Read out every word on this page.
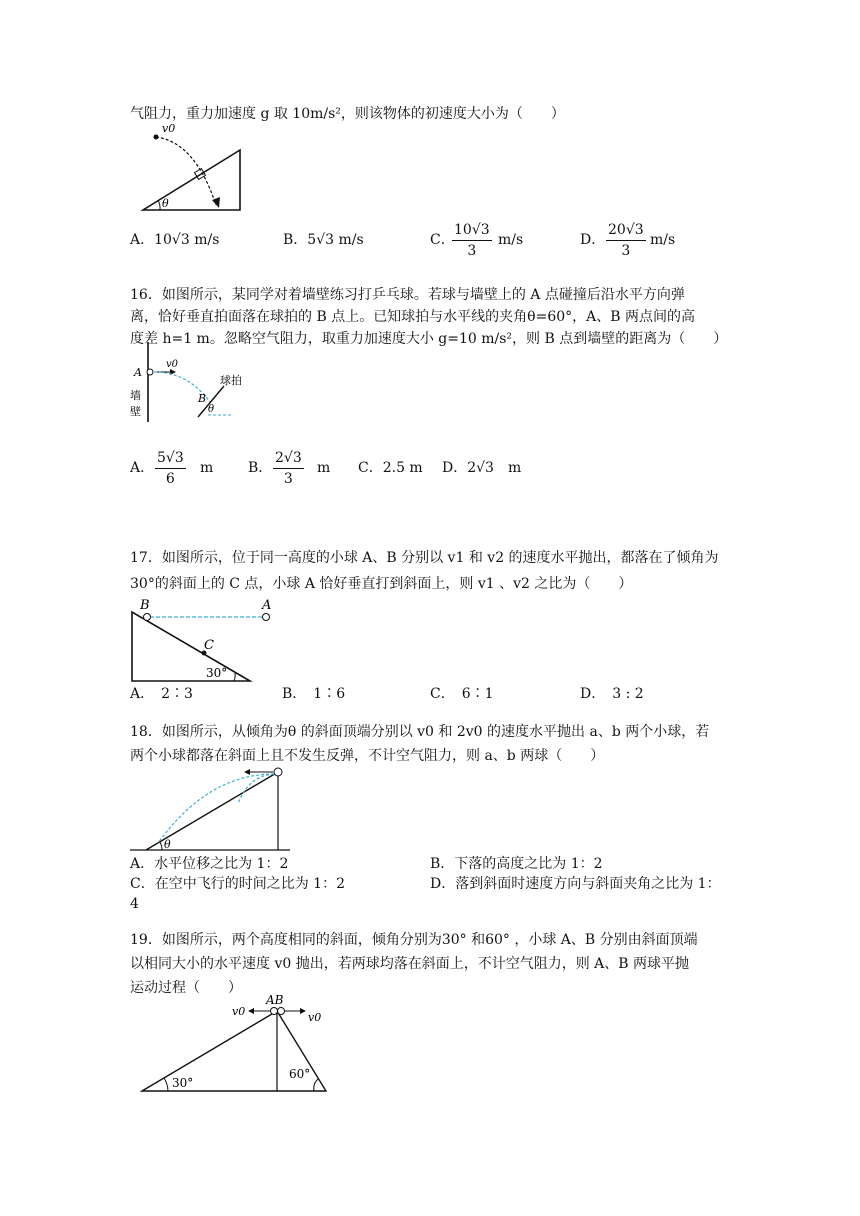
气阻力，重力加速度 g 取 10m/s²，则该物体的初速度大小为（　　）
v0
θ
A．10√3 m/s	B．5√3 m/s	C．
$\frac{10√3}{3} m/s$	D． $\frac{20√3}{3} m/s$
16．如图所示，某同学对着墙壁练习打乒乓球。若球与墙壁上的 A 点碰撞后沿水平方向弹
离，恰好垂直拍面落在球拍的 B 点上。已知球拍与水平线的夹角θ=60°，A、B 两点间的高
度差 h=1 m。忽略空气阻力，取重力加速度大小 g=10 m/s²，则 B 点到墙壁的距离为（　　）
A
v0
球拍
B
θ
墙
壁
A． $\frac{5√3}{6}$ m B． $\frac{2√3}{3}$ m C．2.5 m D．2√3　m
17．如图所示，位于同一高度的小球 A、B 分别以 v1 和 v2 的速度水平抛出，都落在了倾角为
30°的斜面上的 C 点，小球 A 恰好垂直打到斜面上，则 v1 、v2 之比为（　　）
B	A
C
30°
A．　2∶3	B．　1∶6	C．　6∶1	D．　3 : 2
18．如图所示，从倾角为θ 的斜面顶端分别以 v0 和 2v0 的速度水平抛出 a、b 两个小球，若
两个小球都落在斜面上且不发生反弹，不计空气阻力，则 a、b 两球（　　）
θ
A．水平位移之比为 1：2	B．下落的高度之比为 1：2
C．在空中飞行的时间之比为 1：2	D．落到斜面时速度方向与斜面夹角之比为 1：
4
19．如图所示，两个高度相同的斜面，倾角分别为30° 和60° ，小球 A、B 分别由斜面顶端
以相同大小的水平速度 v0 抛出，若两球均落在斜面上，不计空气阻力，则 A、B 两球平抛
运动过程（　　）
AB
v0	v0
30°
60°
